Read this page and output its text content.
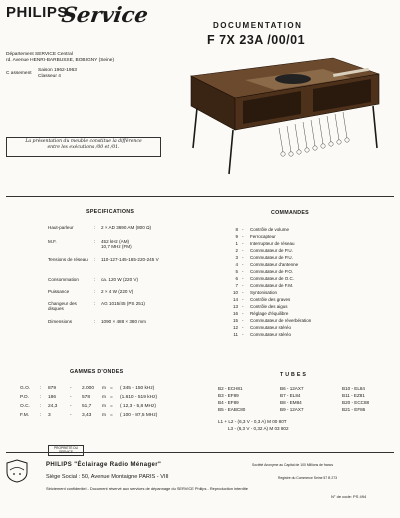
PHILIPS
Service	DOCUMENTATION
F 7X 23A /00/01
Département SERVICE Central
rd. Avenue HENRI-BARBUSSE, BOBIGNY (Seine)
C assement
Saison 1962-1963
Classeur 4
La présentation du meuble constitue la différence
entre les exécutions /00 et /01.
SPECIFICATIONS
Haut-parleur	: 2 × AD 3690 AM (800 Ω)
M.F.	: 452 kHz (AM)
10,7 MHz (FM)
Tensions de réseau	: 110-127-145-165-220-245 V
Consommation	: ca. 120 W (220 V)
Puissance	: 2 × 4 W (220 V)
Changeur des disques
: AG 1015/45 (PS 251)
Dimensions	: 1090 × 488 × 380 mm
COMMANDES
8 - Contrôle de volume
9 - Ferrocapteur
1 - Interrupteur de réseau
2 - Commutateur de P.U.
3 - Commutateur de P.U.
4 - Commutateur d'antenne
5 - Commutateur de P.O.
6 - Commutateur de O.C.
7 - Commutateur de F.M.
10 - Syntonisation
14 - Contrôle des graves
13 - Contrôle des aigus
16 - Réglage d'équilibre
15 - Commutateur de réverbération
12 - Commutateur stéréo
11 - Commutateur stéréo
GAMMES D'ONDES
G.O. : 879	- 2.000 m = ( 345 - 150 kHz)
P.O. : 186	- 578 m = (1.610 - 519 kHz)
O.C. : 24,3	- 51,7 m = ( 12,3 - 5,8 MHz)
F.M. : 3	- 3,43 m = ( 100 - 87,5 MHz)
TUBES
B2 - ECH81
B3 - EF89
B4 - EF89
B5 - EABC80
B6 - 12AX7
B7 - EL84
B8 - EM84
B9 - 12AX7
B10 - EL84
B11 - EZ81
B20 - ECC88
B21 - EF86
L1 + L2 - (6,3 V - 0,3 A) M 00 80T
L3 - (6,3 V - 0,32 A) M 03 802
PROPRIÉTÉ DU SERVICE
PHILIPS "Éclairage Radio Ménager"	Société Anonyme au Capital de 100 Millions de francs
Siège Social : 50, Avenue Montaigne PARIS - VIII	Registre du Commerce Seine 57 B 273
Strictement confidentiel - Document réservé aux services de dépannage du SERVICE Philips - Reproduction interdite
N° de code: PS 494
